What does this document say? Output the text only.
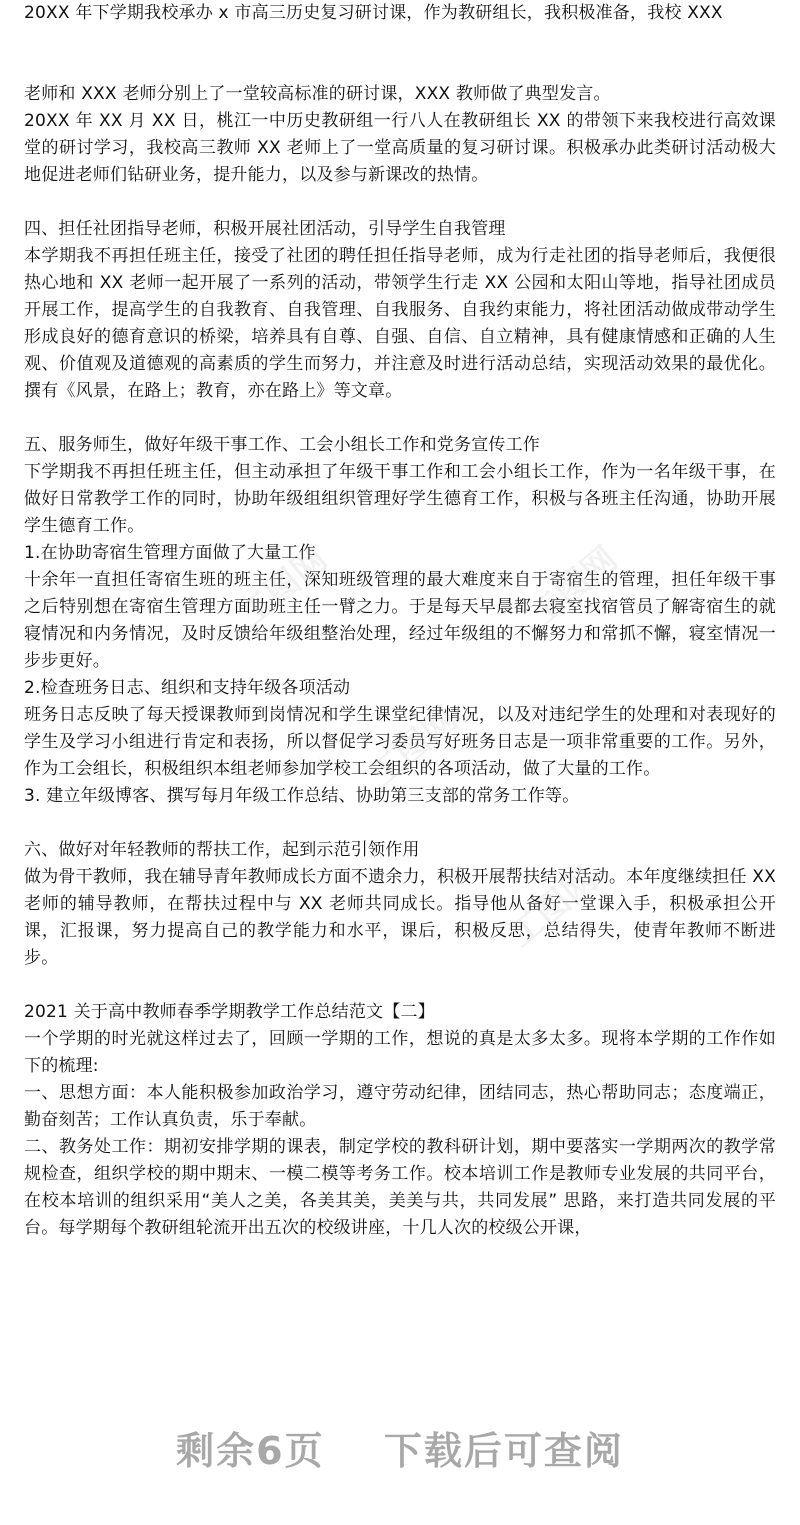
20XX 年下学期我校承办 x 市高三历史复习研讨课，作为教研组长，我积极准备，我校 XXX

老师和 XXX 老师分别上了一堂较高标准的研讨课，XXX 教师做了典型发言。

20XX 年 XX 月 XX 日，桃江一中历史教研组一行八人在教研组长 XX 的带领下来我校进行高效课堂的研讨学习，我校高三教师 XX 老师上了一堂高质量的复习研讨课。积极承办此类研讨活动极大地促进老师们钻研业务，提升能力，以及参与新课改的热情。

四、担任社团指导老师，积极开展社团活动，引导学生自我管理

本学期我不再担任班主任，接受了社团的聘任担任指导老师，成为行走社团的指导老师后，我便很热心地和 XX 老师一起开展了一系列的活动，带领学生行走 XX 公园和太阳山等地，指导社团成员开展工作，提高学生的自我教育、自我管理、自我服务、自我约束能力，将社团活动做成带动学生形成良好的德育意识的桥梁，培养具有自尊、自强、自信、自立精神，具有健康情感和正确的人生观、价值观及道德观的高素质的学生而努力，并注意及时进行活动总结，实现活动效果的最优化。撰有《风景，在路上；教育，亦在路上》等文章。

五、服务师生，做好年级干事工作、工会小组长工作和党务宣传工作

下学期我不再担任班主任，但主动承担了年级干事工作和工会小组长工作，作为一名年级干事，在做好日常教学工作的同时，协助年级组组织管理好学生德育工作，积极与各班主任沟通，协助开展学生德育工作。

1.在协助寄宿生管理方面做了大量工作

十余年一直担任寄宿生班的班主任，深知班级管理的最大难度来自于寄宿生的管理，担任年级干事之后特别想在寄宿生管理方面助班主任一臂之力。于是每天早晨都去寝室找宿管员了解寄宿生的就寝情况和内务情况，及时反馈给年级组整治处理，经过年级组的不懈努力和常抓不懈，寝室情况一步步更好。

2.检查班务日志、组织和支持年级各项活动

班务日志反映了每天授课教师到岗情况和学生课堂纪律情况，以及对违纪学生的处理和对表现好的学生及学习小组进行肯定和表扬，所以督促学习委员写好班务日志是一项非常重要的工作。另外，作为工会组长，积极组织本组老师参加学校工会组织的各项活动，做了大量的工作。

3. 建立年级博客、撰写每月年级工作总结、协助第三支部的常务工作等。

六、做好对年轻教师的帮扶工作，起到示范引领作用

做为骨干教师，我在辅导青年教师成长方面不遗余力，积极开展帮扶结对活动。本年度继续担任 XX 老师的辅导教师，在帮扶过程中与 XX 老师共同成长。指导他从备好一堂课入手，积极承担公开课，汇报课，努力提高自己的教学能力和水平，课后，积极反思，总结得失，使青年教师不断进步。

2021 关于高中教师春季学期教学工作总结范文【二】

一个学期的时光就这样过去了，回顾一学期的工作，想说的真是太多太多。现将本学期的工作作如下的梳理:

一、思想方面：本人能积极参加政治学习，遵守劳动纪律，团结同志，热心帮助同志；态度端正，勤奋刻苦；工作认真负责，乐于奉献。

二、教务处工作：期初安排学期的课表，制定学校的教科研计划，期中要落实一学期两次的教学常规检查，组织学校的期中期末、一模二模等考务工作。校本培训工作是教师专业发展的共同平台，在校本培训的组织采用“美人之美，各美其美，美美与共，共同发展” 思路，来打造共同发展的平台。每学期每个教研组轮流开出五次的校级讲座，十几人次的校级公开课，

工图网	工图网
工图网
工图网
剩余6页 下载后可查阅
